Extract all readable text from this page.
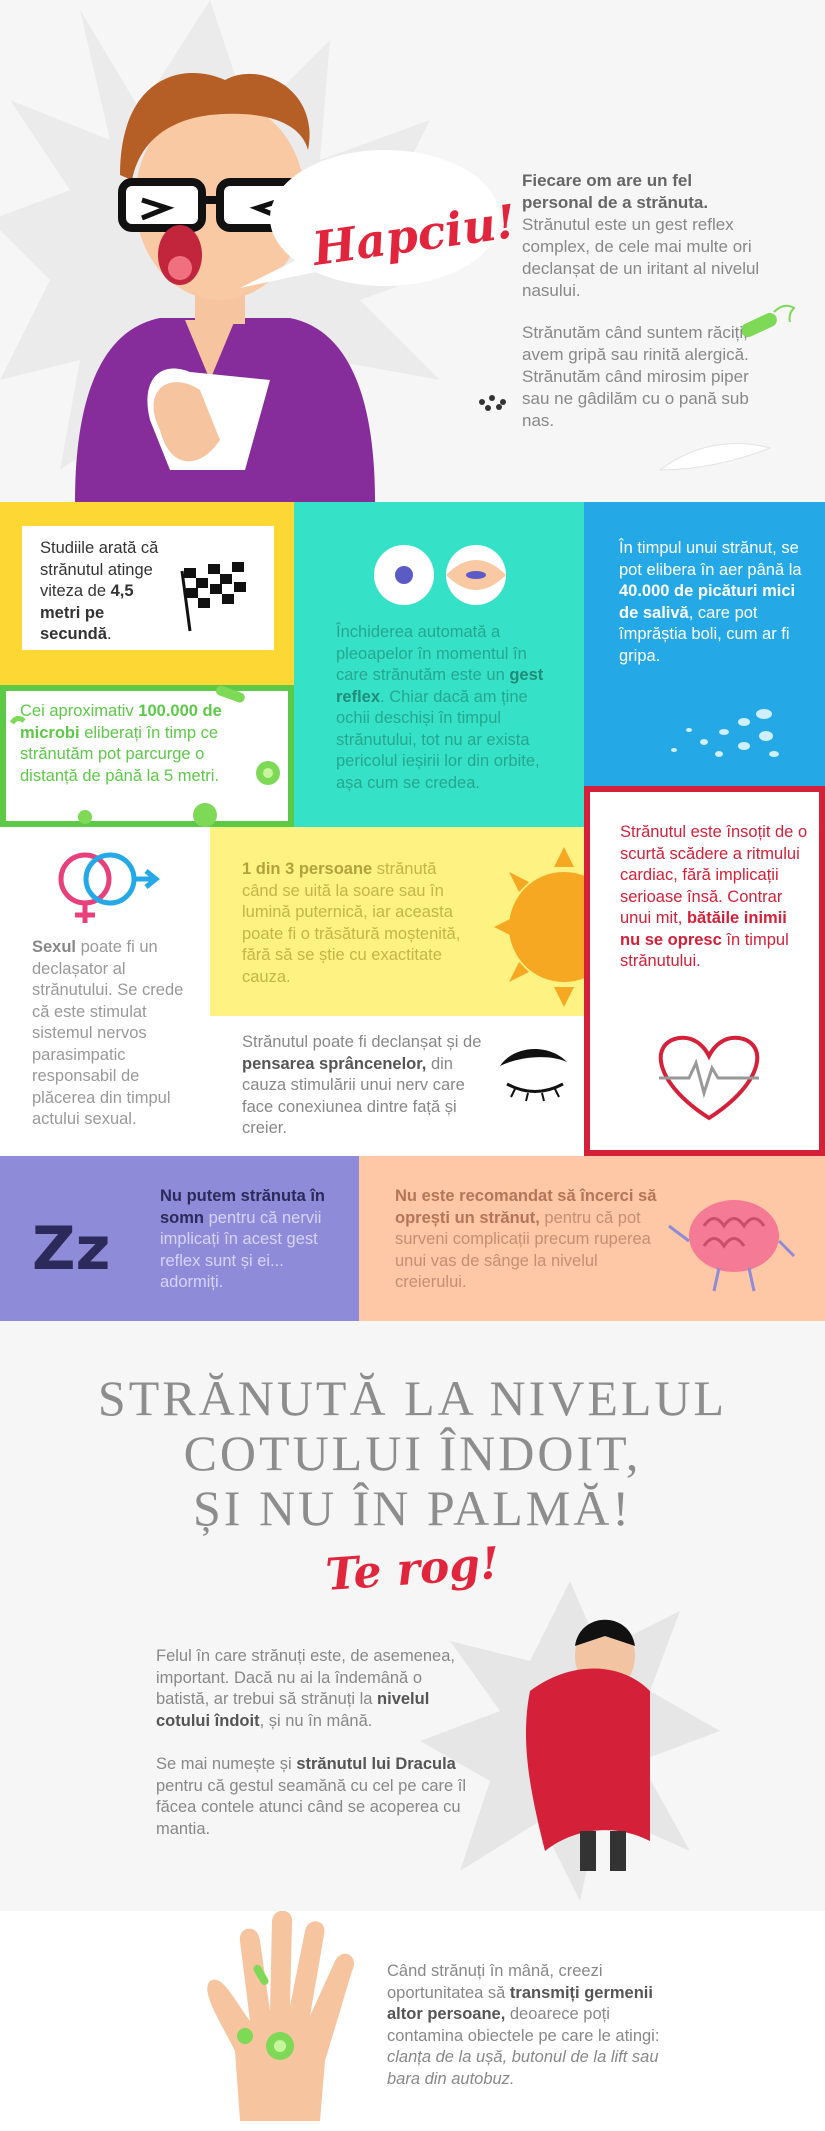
Hapciu!

Fiecare om are un fel personal de a strănuta. Strănutul este un gest reflex complex, de cele mai multe ori declanșat de un iritant al nivelul nasului.

Strănutăm când suntem răciți, avem gripă sau rinită alergică. Strănutăm când mirosim piper sau ne gâdilăm cu o pană sub nas.

Studiile arată că strănutul atinge viteza de 4,5 metri pe secundă.	Închiderea automată a pleoapelor în momentul în care strănutăm este un gest reflex. Chiar dacă am ține ochii deschiși în timpul strănutului, tot nu ar exista pericolul ieșirii lor din orbite, așa cum se credea.
În timpul unui strănut, se pot elibera în aer până la 40.000 de picături mici de salivă, care pot împrăștia boli, cum ar fi gripa.
Cei aproximativ 100.000 de microbi eliberați în timp ce strănutăm pot parcurge o distanță de până la 5 metri.
Sexul poate fi un declașator al strănutului. Se crede că este stimulat sistemul nervos parasimpatic responsabil de plăcerea din timpul actului sexual.
1 din 3 persoane strănută când se uită la soare sau în lumină puternică, iar aceasta poate fi o trăsătură moștenită, fără să se știe cu exactitate cauza.
Strănutul este însoțit de o scurtă scădere a ritmului cardiac, fără implicații serioase însă. Contrar unui mit, bătăile inimii nu se opresc în timpul strănutului.
Strănutul poate fi declanșat și de pensarea sprâncenelor, din cauza stimulării unui nerv care face conexiunea dintre față și creier.
Zz
Nu putem strănuta în somn pentru că nervii implicați în acest gest reflex sunt și ei... adormiți.
Nu este recomandat să încerci să oprești un strănut, pentru că pot surveni complicații precum ruperea unui vas de sânge la nivelul creierului.
STRĂNUTĂ LA NIVELUL
COTULUI ÎNDOIT,
ȘI NU ÎN PALMĂ!
Te rog!

Felul în care strănuți este, de asemenea, important. Dacă nu ai la îndemână o batistă, ar trebui să strănuți la nivelul cotului îndoit, și nu în mână.

Se mai numește și strănutul lui Dracula pentru că gestul seamănă cu cel pe care îl făcea contele atunci când se acoperea cu mantia.

Când strănuți în mână, creezi oportunitatea să transmiți germenii altor persoane, deoarece poți contamina obiectele pe care le atingi: clanța de la ușă, butonul de la lift sau bara din autobuz.
